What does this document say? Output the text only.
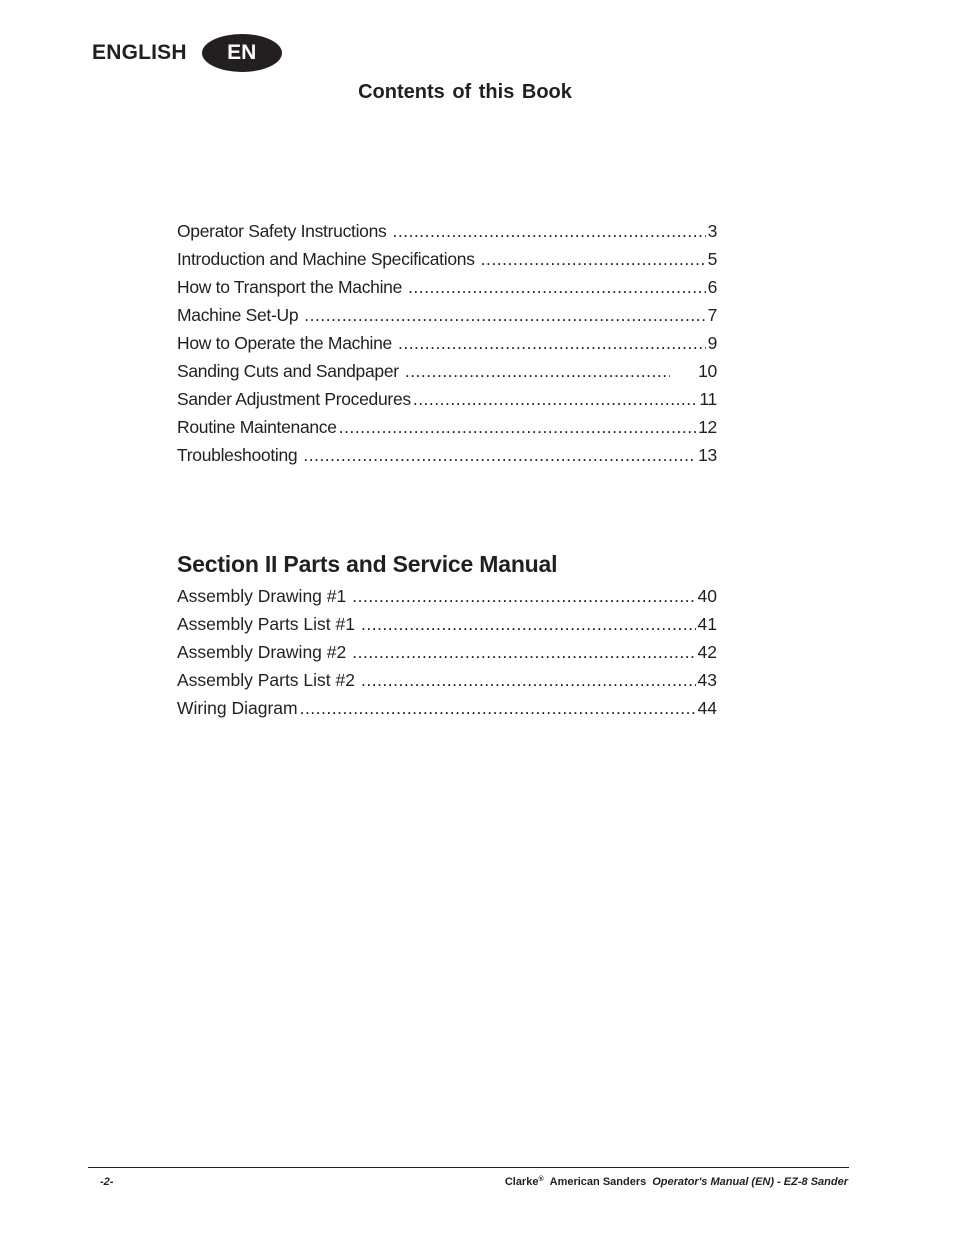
ENGLISH	EN
Contents of this Book
Operator Safety Instructions .....	3
Introduction and Machine Specifications .....	5
How to Transport the Machine .....	6
Machine Set-Up .....	7
How to Operate the Machine .....	9
Sanding Cuts and Sandpaper .....	10
Sander Adjustment Procedures .....	11
Routine Maintenance .....	12
Troubleshooting .....	13
Section II Parts and Service Manual
Assembly Drawing #1 .....	40
Assembly Parts List #1 .....	41
Assembly Drawing #2 .....	42
Assembly Parts List #2 .....	43
Wiring Diagram .....	44
-2-	Clarke® American Sanders Operator's Manual (EN) - EZ-8 Sander
